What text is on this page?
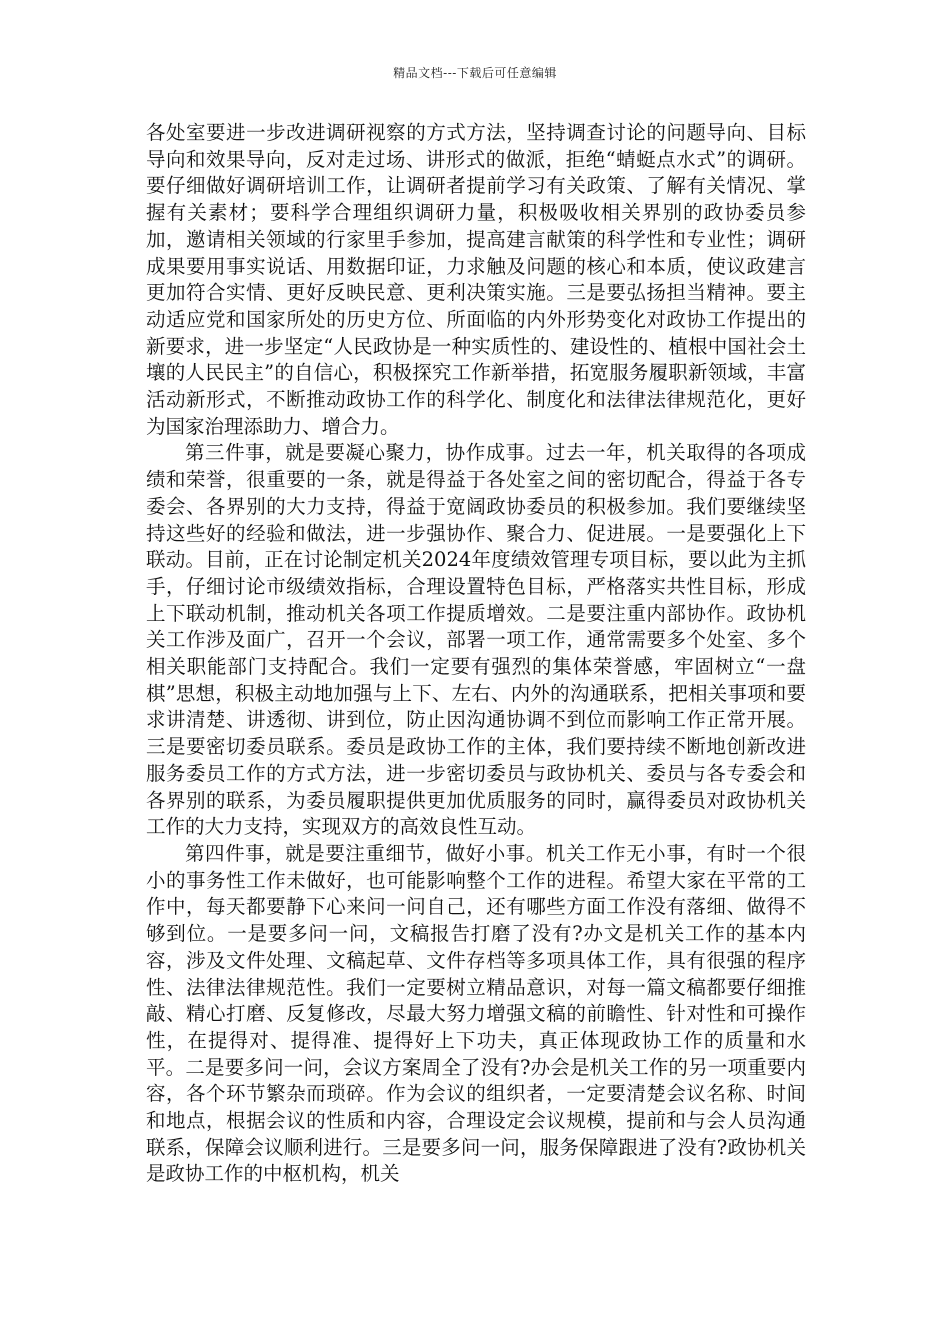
精品文档---下载后可任意编辑

各处室要进一步改进调研视察的方式方法，坚持调查讨论的问题导向、目标导向和效果导向，反对走过场、讲形式的做派，拒绝“蜻蜓点水式”的调研。要仔细做好调研培训工作，让调研者提前学习有关政策、了解有关情况、掌握有关素材；要科学合理组织调研力量，积极吸收相关界别的政协委员参加，邀请相关领域的行家里手参加，提高建言献策的科学性和专业性；调研成果要用事实说话、用数据印证，力求触及问题的核心和本质，使议政建言更加符合实情、更好反映民意、更利决策实施。三是要弘扬担当精神。要主动适应党和国家所处的历史方位、所面临的内外形势变化对政协工作提出的新要求，进一步坚定“人民政协是一种实质性的、建设性的、植根中国社会土壤的人民民主”的自信心，积极探究工作新举措，拓宽服务履职新领域，丰富活动新形式，不断推动政协工作的科学化、制度化和法律法律规范化，更好为国家治理添助力、增合力。

第三件事，就是要凝心聚力，协作成事。过去一年，机关取得的各项成绩和荣誉，很重要的一条，就是得益于各处室之间的密切配合，得益于各专委会、各界别的大力支持，得益于宽阔政协委员的积极参加。我们要继续坚持这些好的经验和做法，进一步强协作、聚合力、促进展。一是要强化上下联动。目前，正在讨论制定机关2024年度绩效管理专项目标，要以此为主抓手，仔细讨论市级绩效指标，合理设置特色目标，严格落实共性目标，形成上下联动机制，推动机关各项工作提质增效。二是要注重内部协作。政协机关工作涉及面广，召开一个会议，部署一项工作，通常需要多个处室、多个相关职能部门支持配合。我们一定要有强烈的集体荣誉感，牢固树立“一盘棋”思想，积极主动地加强与上下、左右、内外的沟通联系，把相关事项和要求讲清楚、讲透彻、讲到位，防止因沟通协调不到位而影响工作正常开展。三是要密切委员联系。委员是政协工作的主体，我们要持续不断地创新改进服务委员工作的方式方法，进一步密切委员与政协机关、委员与各专委会和各界别的联系，为委员履职提供更加优质服务的同时，赢得委员对政协机关工作的大力支持，实现双方的高效良性互动。

第四件事，就是要注重细节，做好小事。机关工作无小事，有时一个很小的事务性工作未做好，也可能影响整个工作的进程。希望大家在平常的工作中，每天都要静下心来问一问自己，还有哪些方面工作没有落细、做得不够到位。一是要多问一问，文稿报告打磨了没有?办文是机关工作的基本内容，涉及文件处理、文稿起草、文件存档等多项具体工作，具有很强的程序性、法律法律规范性。我们一定要树立精品意识，对每一篇文稿都要仔细推敲、精心打磨、反复修改，尽最大努力增强文稿的前瞻性、针对性和可操作性，在提得对、提得准、提得好上下功夫，真正体现政协工作的质量和水平。二是要多问一问，会议方案周全了没有?办会是机关工作的另一项重要内容，各个环节繁杂而琐碎。作为会议的组织者，一定要清楚会议名称、时间和地点，根据会议的性质和内容，合理设定会议规模，提前和与会人员沟通联系，保障会议顺利进行。三是要多问一问，服务保障跟进了没有?政协机关是政协工作的中枢机构，机关
